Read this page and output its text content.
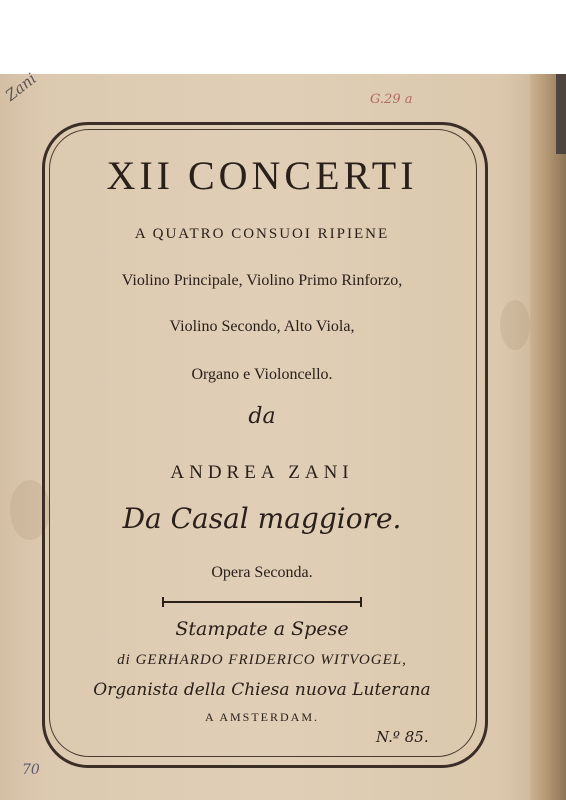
Zani	G.29 a
70
XII CONCERTI
A QUATRO CONSUOI RIPIENE
Violino Principale, Violino Primo Rinforzo,
Violino Secondo, Alto Viola,
Organo e Violoncello.
da
ANDREA ZANI
Da Casal maggiore.
Opera Seconda.
Stampate a Spese
di GERHARDO FRIDERICO WITVOGEL,
Organista della Chiesa nuova Luterana
A AMSTERDAM.
N.º 85.
